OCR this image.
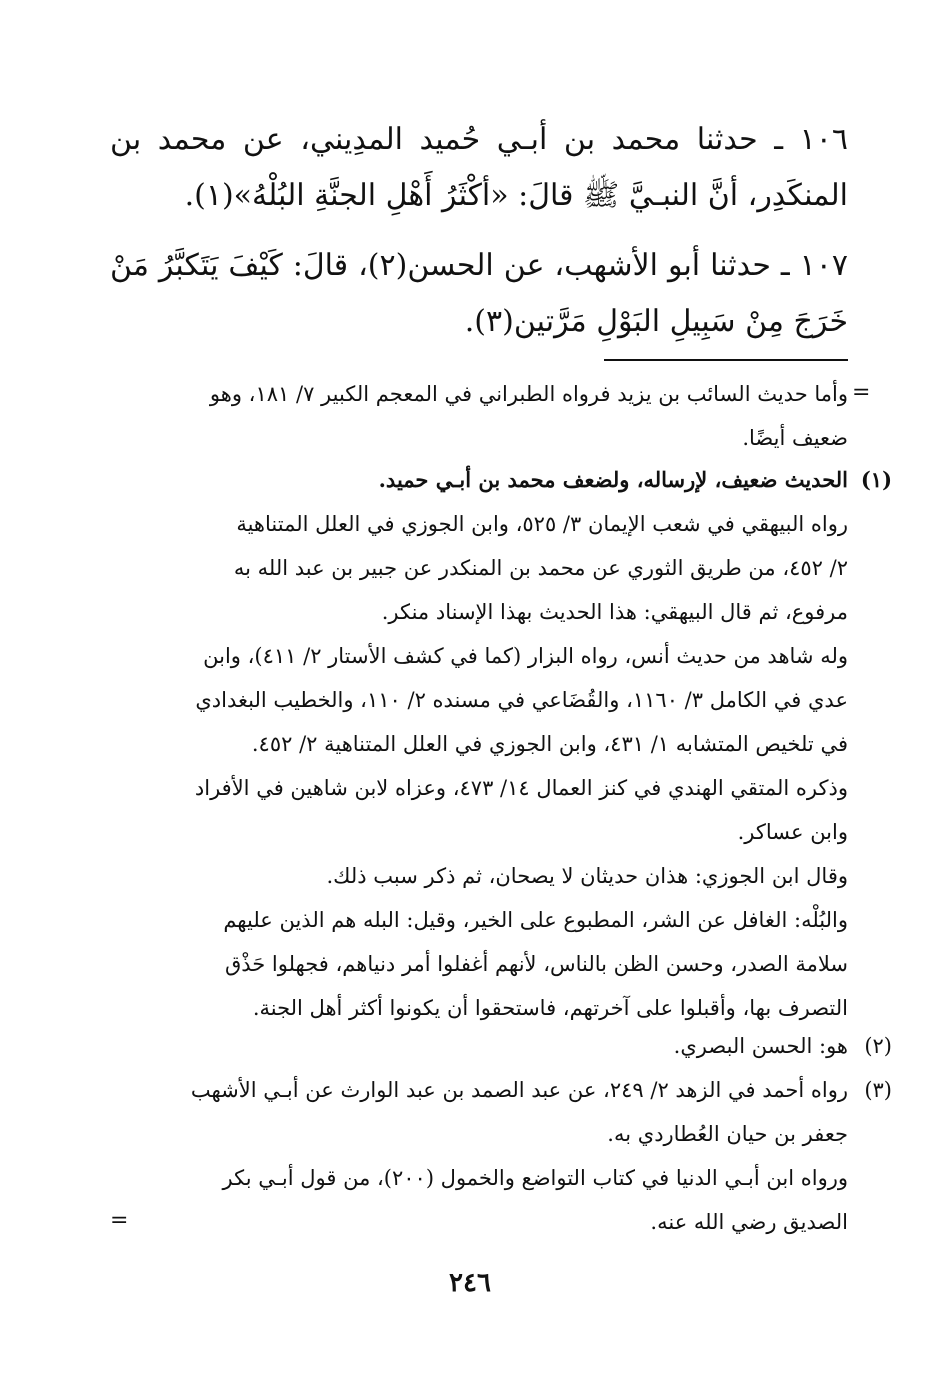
١٠٦ ـ حدثنا محمد بن أبـي حُميد المدِيني، عن محمد بن المنكَدِر، أنَّ النبـيَّ ﷺ قالَ: «أكْثَرُ أَهْلِ الجنَّةِ البُلْهُ»(١).
١٠٧ ـ حدثنا أبو الأشهب، عن الحسن(٢)، قالَ: كَيْفَ يَتَكبَّرُ مَنْ خَرَجَ مِنْ سَبِيلِ البَوْلِ مَرَّتين(٣).
=

وأما حديث السائب بن يزيد فرواه الطبراني في المعجم الكبير ٧/ ١٨١، وهو

ضعيف أيضًا.

(١)

الحديث ضعيف، لإرساله، ولضعف محمد بن أبـي حميد.

رواه البيهقي في شعب الإيمان ٣/ ٥٢٥، وابن الجوزي في العلل المتناهية

٢/ ٤٥٢، من طريق الثوري عن محمد بن المنكدر عن جبير بن عبد الله به

مرفوع، ثم قال البيهقي: هذا الحديث بهذا الإسناد منكر.

وله شاهد من حديث أنس، رواه البزار (كما في كشف الأستار ٢/ ٤١١)، وابن

عدي في الكامل ٣/ ١١٦٠، والقُضَاعي في مسنده ٢/ ١١٠، والخطيب البغدادي

في تلخيص المتشابه ١/ ٤٣١، وابن الجوزي في العلل المتناهية ٢/ ٤٥٢.

وذكره المتقي الهندي في كنز العمال ١٤/ ٤٧٣، وعزاه لابن شاهين في الأفراد

وابن عساكر.

وقال ابن الجوزي: هذان حديثان لا يصحان، ثم ذكر سبب ذلك.

والبُلْه: الغافل عن الشر، المطبوع على الخير، وقيل: البله هم الذين عليهم

سلامة الصدر، وحسن الظن بالناس، لأنهم أغفلوا أمر دنياهم، فجهلوا حَذْق

التصرف بها، وأقبلوا على آخرتهم، فاستحقوا أن يكونوا أكثر أهل الجنة.

(٢)

هو: الحسن البصري.

(٣)

رواه أحمد في الزهد ٢/ ٢٤٩، عن عبد الصمد بن عبد الوارث عن أبـي الأشهب

جعفر بن حيان العُطاردي به.

ورواه ابن أبـي الدنيا في كتاب التواضع والخمول (٢٠٠)، من قول أبـي بكر

الصديق رضي الله عنه.

=
٢٤٦
